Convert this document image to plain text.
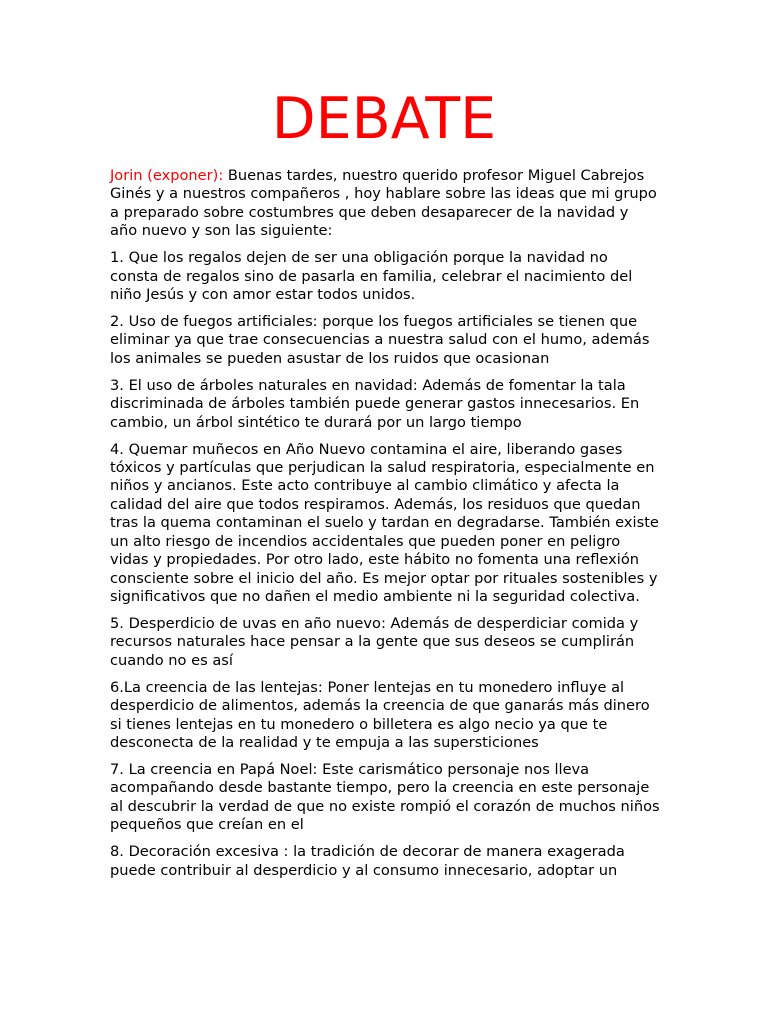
DEBATE

Jorin (exponer): Buenas tardes, nuestro querido profesor Miguel Cabrejos Ginés y a nuestros compañeros , hoy hablare sobre las ideas que mi grupo a preparado sobre costumbres que deben desaparecer de la navidad y año nuevo y son las siguiente:

1. Que los regalos dejen de ser una obligación porque la navidad no consta de regalos sino de pasarla en familia, celebrar el nacimiento del niño Jesús y con amor estar todos unidos.

2. Uso de fuegos artificiales: porque los fuegos artificiales se tienen que eliminar ya que trae consecuencias a nuestra salud con el humo, además los animales se pueden asustar de los ruidos que ocasionan

3. El uso de árboles naturales en navidad: Además de fomentar la tala discriminada de árboles también puede generar gastos innecesarios. En cambio, un árbol sintético te durará por un largo tiempo

4. Quemar muñecos en Año Nuevo contamina el aire, liberando gases tóxicos y partículas que perjudican la salud respiratoria, especialmente en niños y ancianos. Este acto contribuye al cambio climático y afecta la calidad del aire que todos respiramos. Además, los residuos que quedan tras la quema contaminan el suelo y tardan en degradarse. También existe un alto riesgo de incendios accidentales que pueden poner en peligro vidas y propiedades. Por otro lado, este hábito no fomenta una reflexión consciente sobre el inicio del año. Es mejor optar por rituales sostenibles y significativos que no dañen el medio ambiente ni la seguridad colectiva.

5. Desperdicio de uvas en año nuevo: Además de desperdiciar comida y recursos naturales hace pensar a la gente que sus deseos se cumplirán cuando no es así

6.La creencia de las lentejas: Poner lentejas en tu monedero influye al desperdicio de alimentos, además la creencia de que ganarás más dinero si tienes lentejas en tu monedero o billetera es algo necio ya que te desconecta de la realidad y te empuja a las supersticiones

7. La creencia en Papá Noel: Este carismático personaje nos lleva acompañando desde bastante tiempo, pero la creencia en este personaje al descubrir la verdad de que no existe rompió el corazón de muchos niños pequeños que creían en el

8. Decoración excesiva : la tradición de decorar de manera exagerada puede contribuir al desperdicio y al consumo innecesario, adoptar un
